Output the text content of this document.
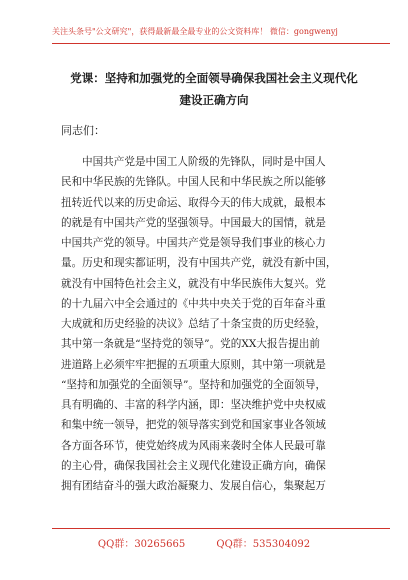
关注头条号"公文研究"，获得最新最全最专业的公文资料库！ 微信：gongwenyj
党课：坚持和加强党的全面领导确保我国社会主义现代化
建设正确方向
同志们：

中国共产党是中国工人阶级的先锋队，同时是中国人
民和中华民族的先锋队。中国人民和中华民族之所以能够
扭转近代以来的历史命运、取得今天的伟大成就，最根本
的就是有中国共产党的坚强领导。中国最大的国情，就是
中国共产党的领导。中国共产党是领导我们事业的核心力
量。历史和现实都证明，没有中国共产党，就没有新中国，
就没有中国特色社会主义，就没有中华民族伟大复兴。党
的十九届六中全会通过的《中共中央关于党的百年奋斗重
大成就和历史经验的决议》总结了十条宝贵的历史经验，
其中第一条就是“坚持党的领导”。党的XX大报告提出前
进道路上必须牢牢把握的五项重大原则，其中第一项就是
“坚持和加强党的全面领导”。坚持和加强党的全面领导，
具有明确的、丰富的科学内涵，即：坚决维护党中央权威
和集中统一领导，把党的领导落实到党和国家事业各领域
各方面各环节，使党始终成为风雨来袭时全体人民最可靠
的主心骨，确保我国社会主义现代化建设正确方向，确保
拥有团结奋斗的强大政治凝聚力、发展自信心，集聚起万

QQ群：30265665	QQ群：535304092
